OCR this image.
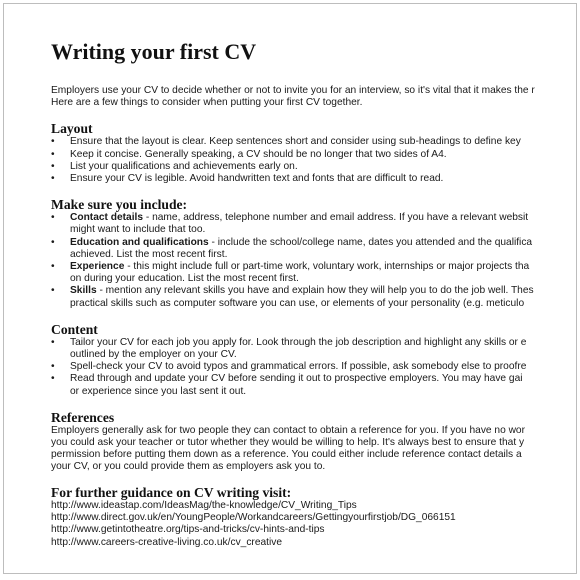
Writing your first CV

Employers use your CV to decide whether or not to invite you for an interview, so it's vital that it makes the r

Here are a few things to consider when putting your first CV together.

Layout
• Ensure that the layout is clear. Keep sentences short and consider using sub-headings to define key
• Keep it concise. Generally speaking, a CV should be no longer that two sides of A4.
• List your qualifications and achievements early on.
• Ensure your CV is legible. Avoid handwritten text and fonts that are difficult to read.
Make sure you include:
• Contact details - name, address, telephone number and email address. If you have a relevant websit
might want to include that too.
• Education and qualifications - include the school/college name, dates you attended and the qualifica
achieved. List the most recent first.
• Experience - this might include full or part-time work, voluntary work, internships or major projects tha
on during your education. List the most recent first.
• Skills - mention any relevant skills you have and explain how they will help you to do the job well. Thes
practical skills such as computer software you can use, or elements of your personality (e.g. meticulo
Content
• Tailor your CV for each job you apply for. Look through the job description and highlight any skills or e
outlined by the employer on your CV.
• Spell-check your CV to avoid typos and grammatical errors. If possible, ask somebody else to proofre
• Read through and update your CV before sending it out to prospective employers. You may have gai
or experience since you last sent it out.
References

Employers generally ask for two people they can contact to obtain a reference for you. If you have no wor

you could ask your teacher or tutor whether they would be willing to help. It's always best to ensure that y

permission before putting them down as a reference. You could either include reference contact details a

your CV, or you could provide them as employers ask you to.

For further guidance on CV writing visit:

http://www.ideastap.com/IdeasMag/the-knowledge/CV_Writing_Tips

http://www.direct.gov.uk/en/YoungPeople/Workandcareers/Gettingyourfirstjob/DG_066151

http://www.getintotheatre.org/tips-and-tricks/cv-hints-and-tips

http://www.careers-creative-living.co.uk/cv_creative
